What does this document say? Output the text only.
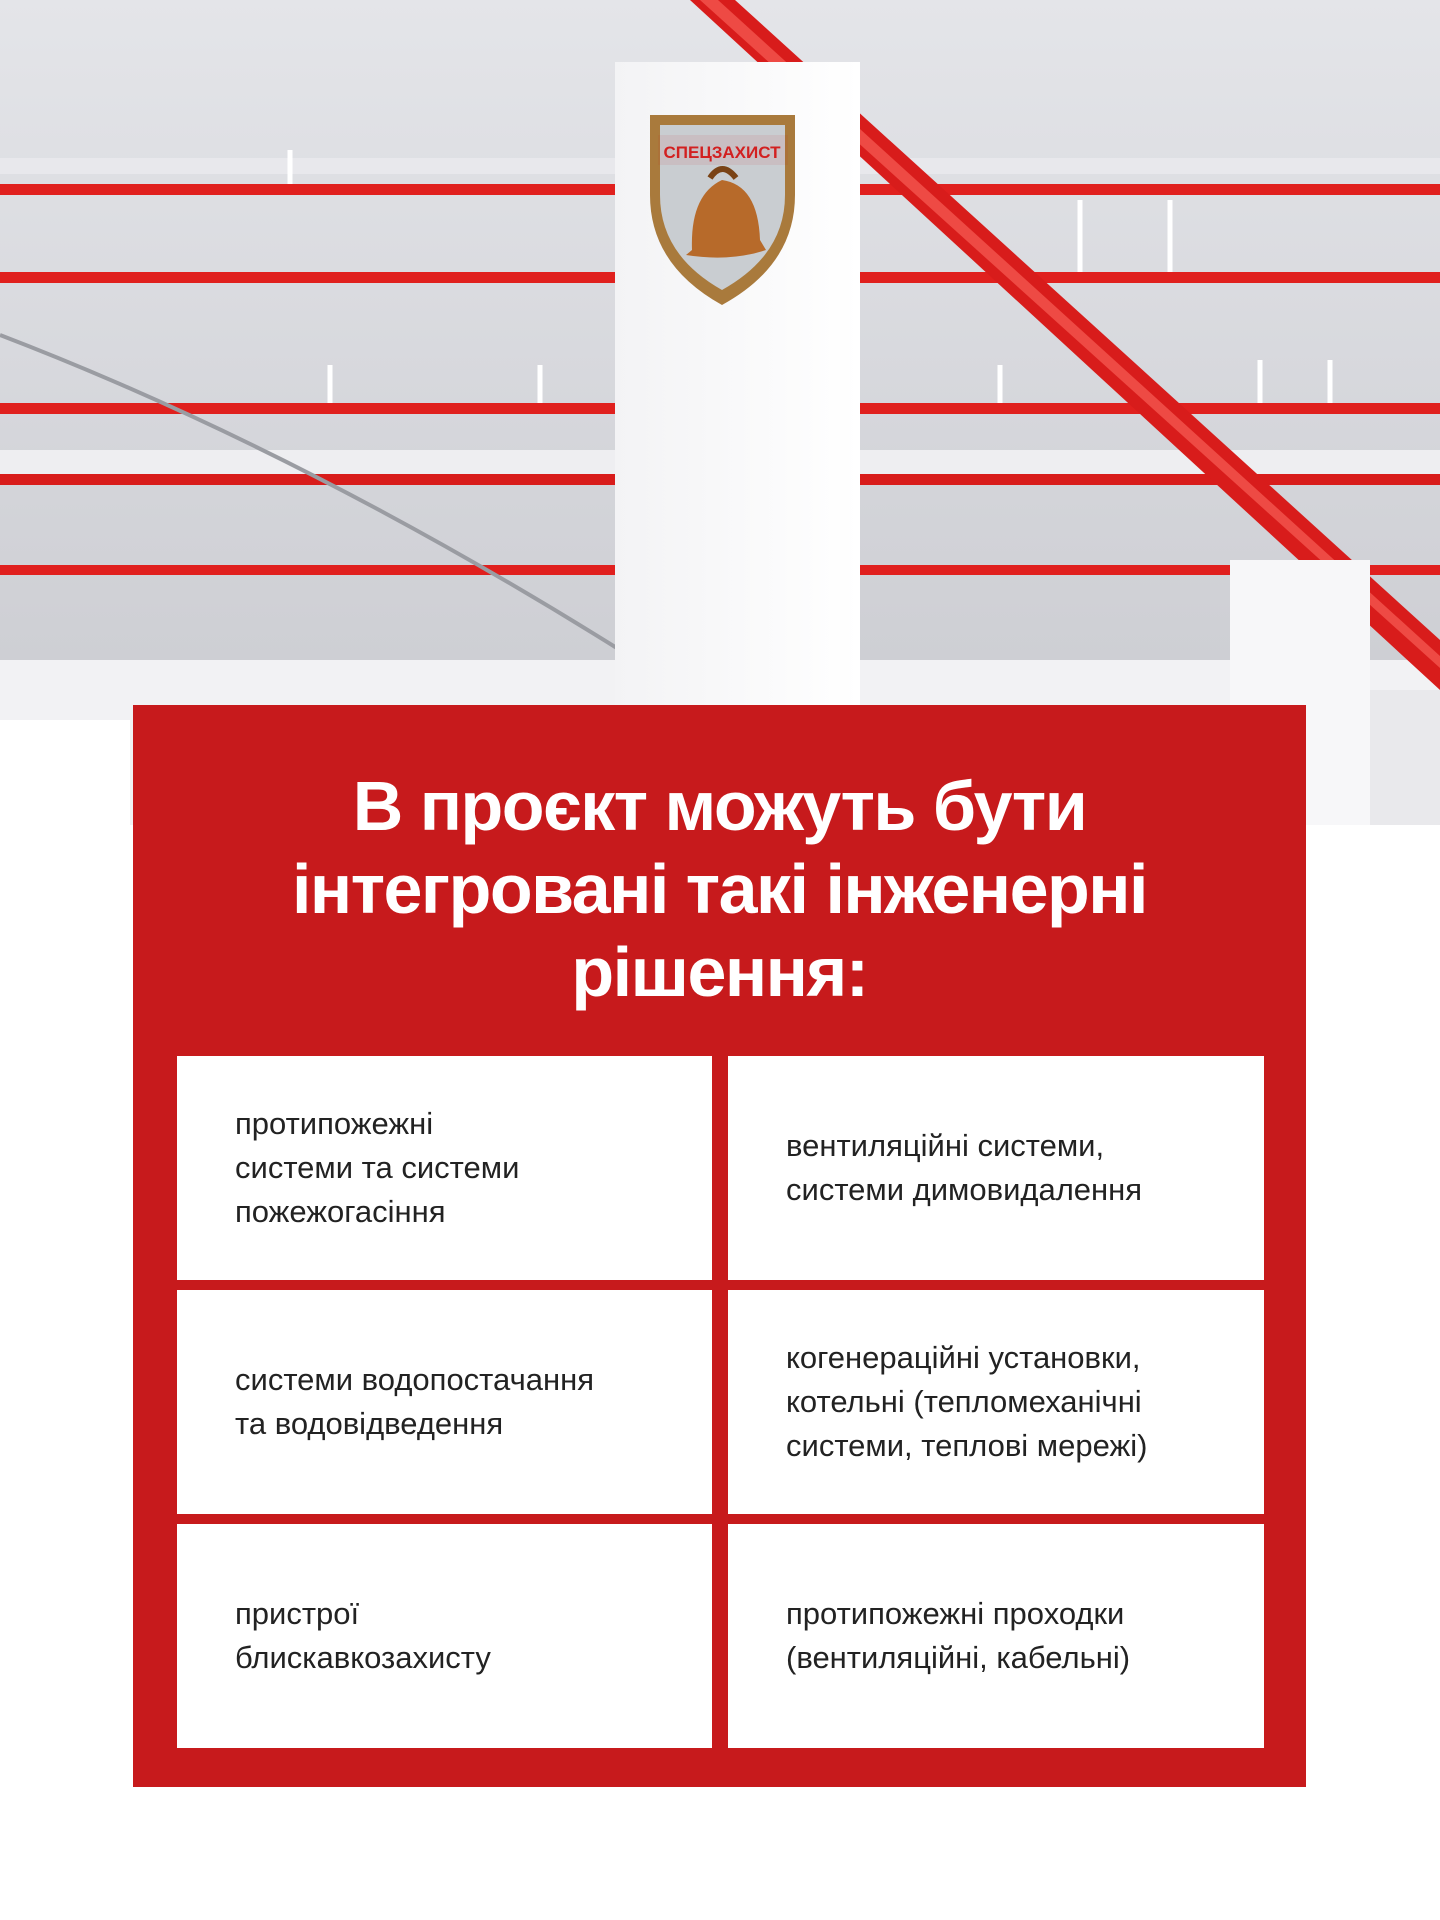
СПЕЦЗАХИСТ
В проєкт можуть бути
інтегровані такі інженерні
рішення:

протипожежні
системи та системи
пожежогасіння

вентиляційні системи,
системи димовидалення

системи водопостачання
та водовідведення

когенераційні установки,
котельні (тепломеханічні
системи, теплові мережі)

пристрої
блискавкозахисту

протипожежні проходки
(вентиляційні, кабельні)
